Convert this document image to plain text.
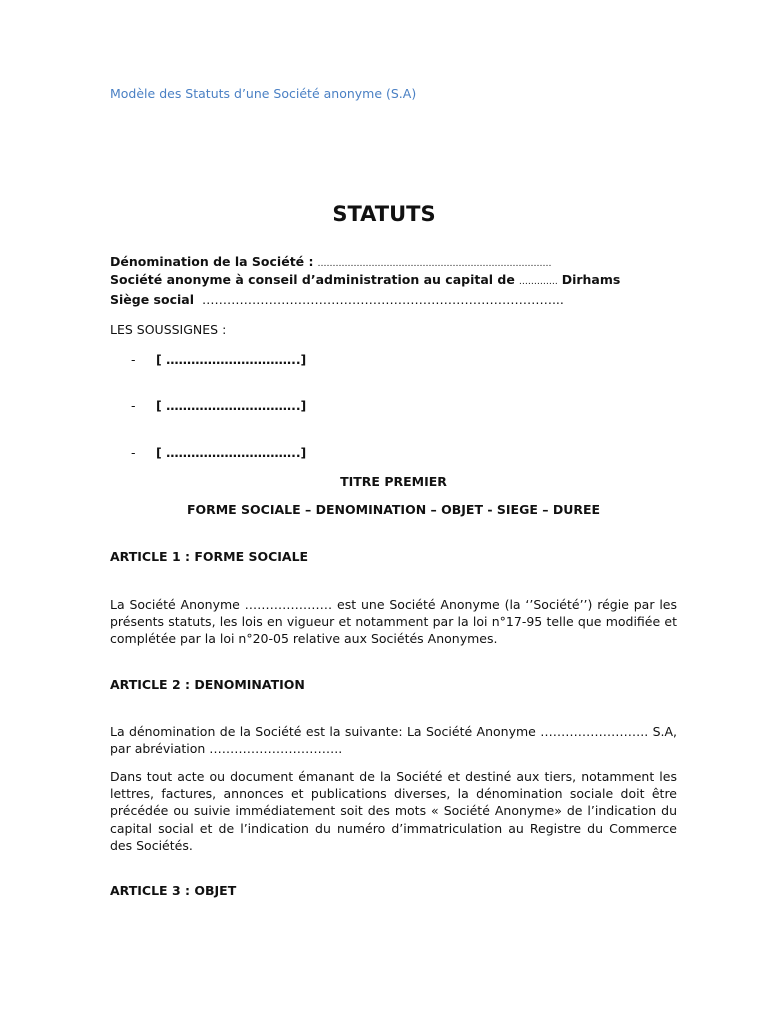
Modèle des Statuts d’une Société anonyme (S.A)
STATUTS
Dénomination de la Société : ……………………………………………………………………
Société anonyme à conseil d’administration au capital de …………. Dirhams
Siège social …………………………………………………………………………...
LES SOUSSIGNES :
- [ …………………………..]
- [ …………………………..]
- [ …………………………..]
TITRE PREMIER
FORME SOCIALE – DENOMINATION – OBJET - SIEGE – DUREE
ARTICLE 1 : FORME SOCIALE
La Société Anonyme ………………… est une Société Anonyme (la ‘’Société’’) régie par les présents statuts, les lois en vigueur et notamment par la loi n°17-95 telle que modifiée et complétée par la loi n°20-05 relative aux Sociétés Anonymes.
ARTICLE 2 : DENOMINATION
La dénomination de la Société est la suivante: La Société Anonyme …………………….. S.A, par abréviation …………………………..
Dans tout acte ou document émanant de la Société et destiné aux tiers, notamment les lettres, factures, annonces et publications diverses, la dénomination sociale doit être précédée ou suivie immédiatement soit des mots « Société Anonyme» de l’indication du capital social et de l’indication du numéro d’immatriculation au Registre du Commerce des Sociétés.
ARTICLE 3 : OBJET
